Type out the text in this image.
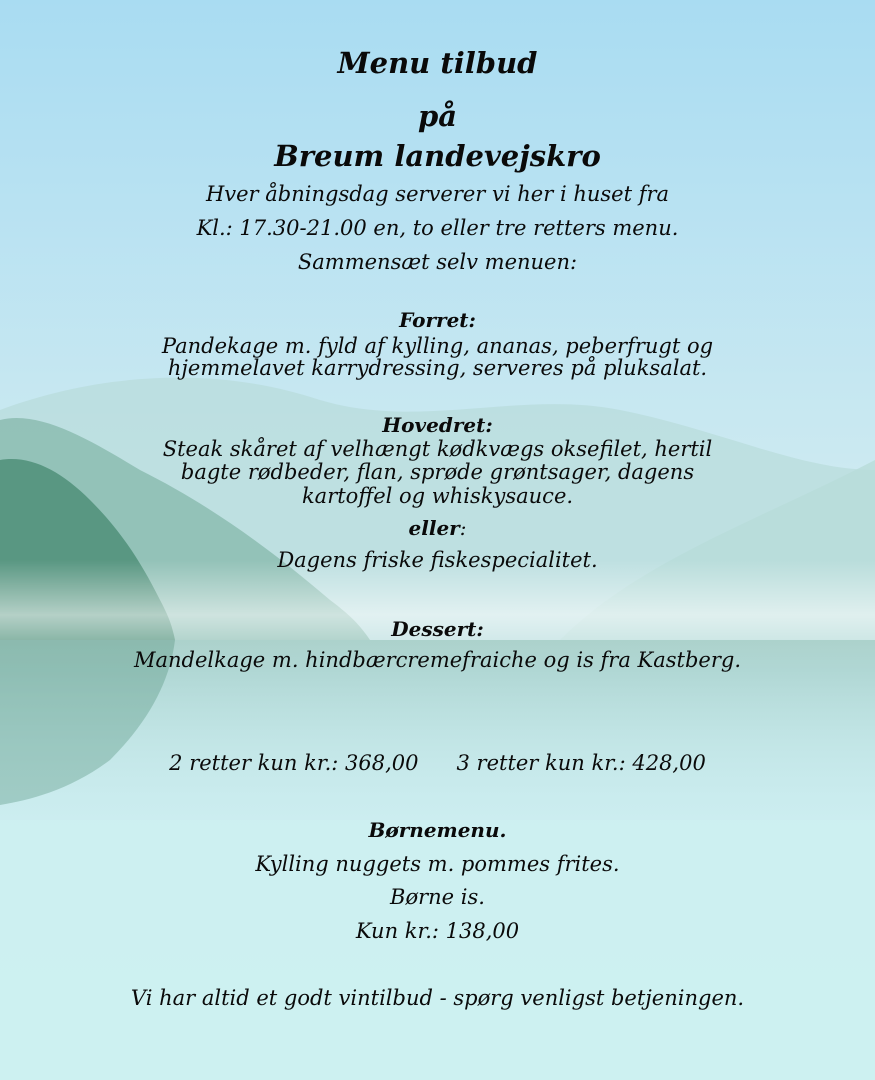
Menu tilbud
på
Breum landevejskro
Hver åbningsdag serverer vi her i huset fra
Kl.: 17.30-21.00 en, to eller tre retters menu.
Sammensæt selv menuen:
Forret:
Pandekage m. fyld af kylling, ananas, peberfrugt og
hjemmelavet karrydressing, serveres på pluksalat.
Hovedret:
Steak skåret af velhængt kødkvægs oksefilet, hertil
bagte rødbeder, flan, sprøde grøntsager, dagens
kartoffel og whiskysauce.
eller:
Dagens friske fiskespecialitet.
Dessert:
Mandelkage m. hindbærcremefraiche og is fra Kastberg.
2 retter kun kr.: 368,00 3 retter kun kr.: 428,00
Børnemenu.
Kylling nuggets m. pommes frites.
Børne is.
Kun kr.: 138,00
Vi har altid et godt vintilbud - spørg venligst betjeningen.
